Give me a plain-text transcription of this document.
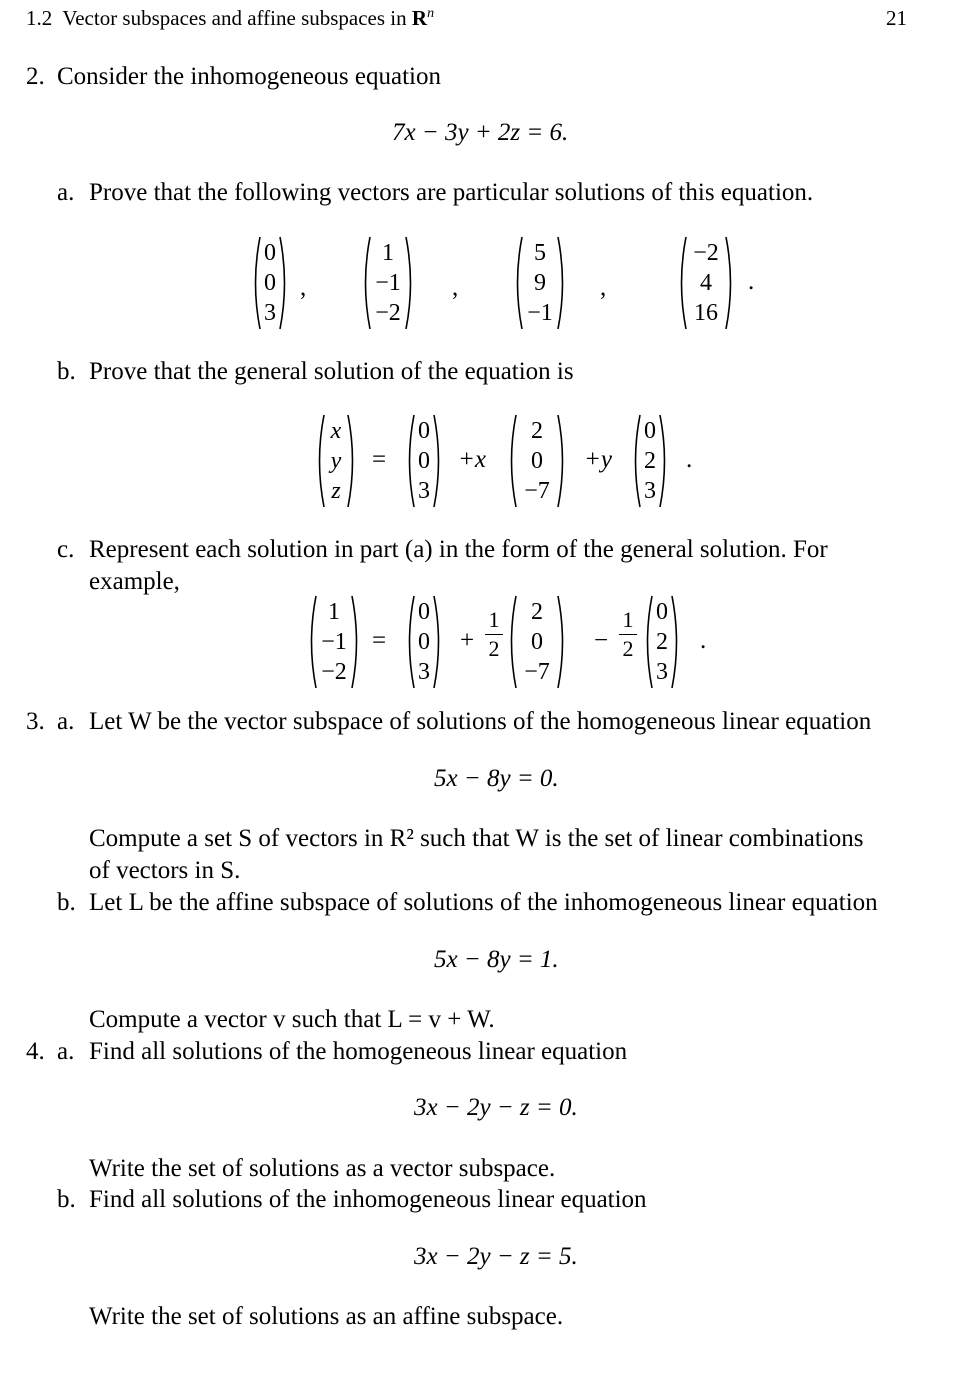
1.2 Vector subspaces and affine subspaces in $R^n$	21
2. Consider the inhomogeneous equation
7x − 3y + 2z = 6.
a. Prove that the following vectors are particular solutions of this equation.
0
0
3
,
1
−1
−2
,
5
9
−1
,
−2
4
16
.
b. Prove that the general solution of the equation is
x
y
z
=
0
0
3
+x
2
0
−7
+y
0
2
3
.
c. Represent each solution in part (a) in the form of the general solution. For
example,
1
−1
−2
=
0
0
3
+
1
2
2
0
−7
−
1
2
0
2
3
.
3. a. Let W be the vector subspace of solutions of the homogeneous linear equation
5x − 8y = 0.
Compute a set S of vectors in R² such that W is the set of linear combinations
of vectors in S.
b. Let L be the affine subspace of solutions of the inhomogeneous linear equation
5x − 8y = 1.
Compute a vector v such that L = v + W.
4. a. Find all solutions of the homogeneous linear equation
3x − 2y − z = 0.
Write the set of solutions as a vector subspace.
b. Find all solutions of the inhomogeneous linear equation
3x − 2y − z = 5.
Write the set of solutions as an affine subspace.
